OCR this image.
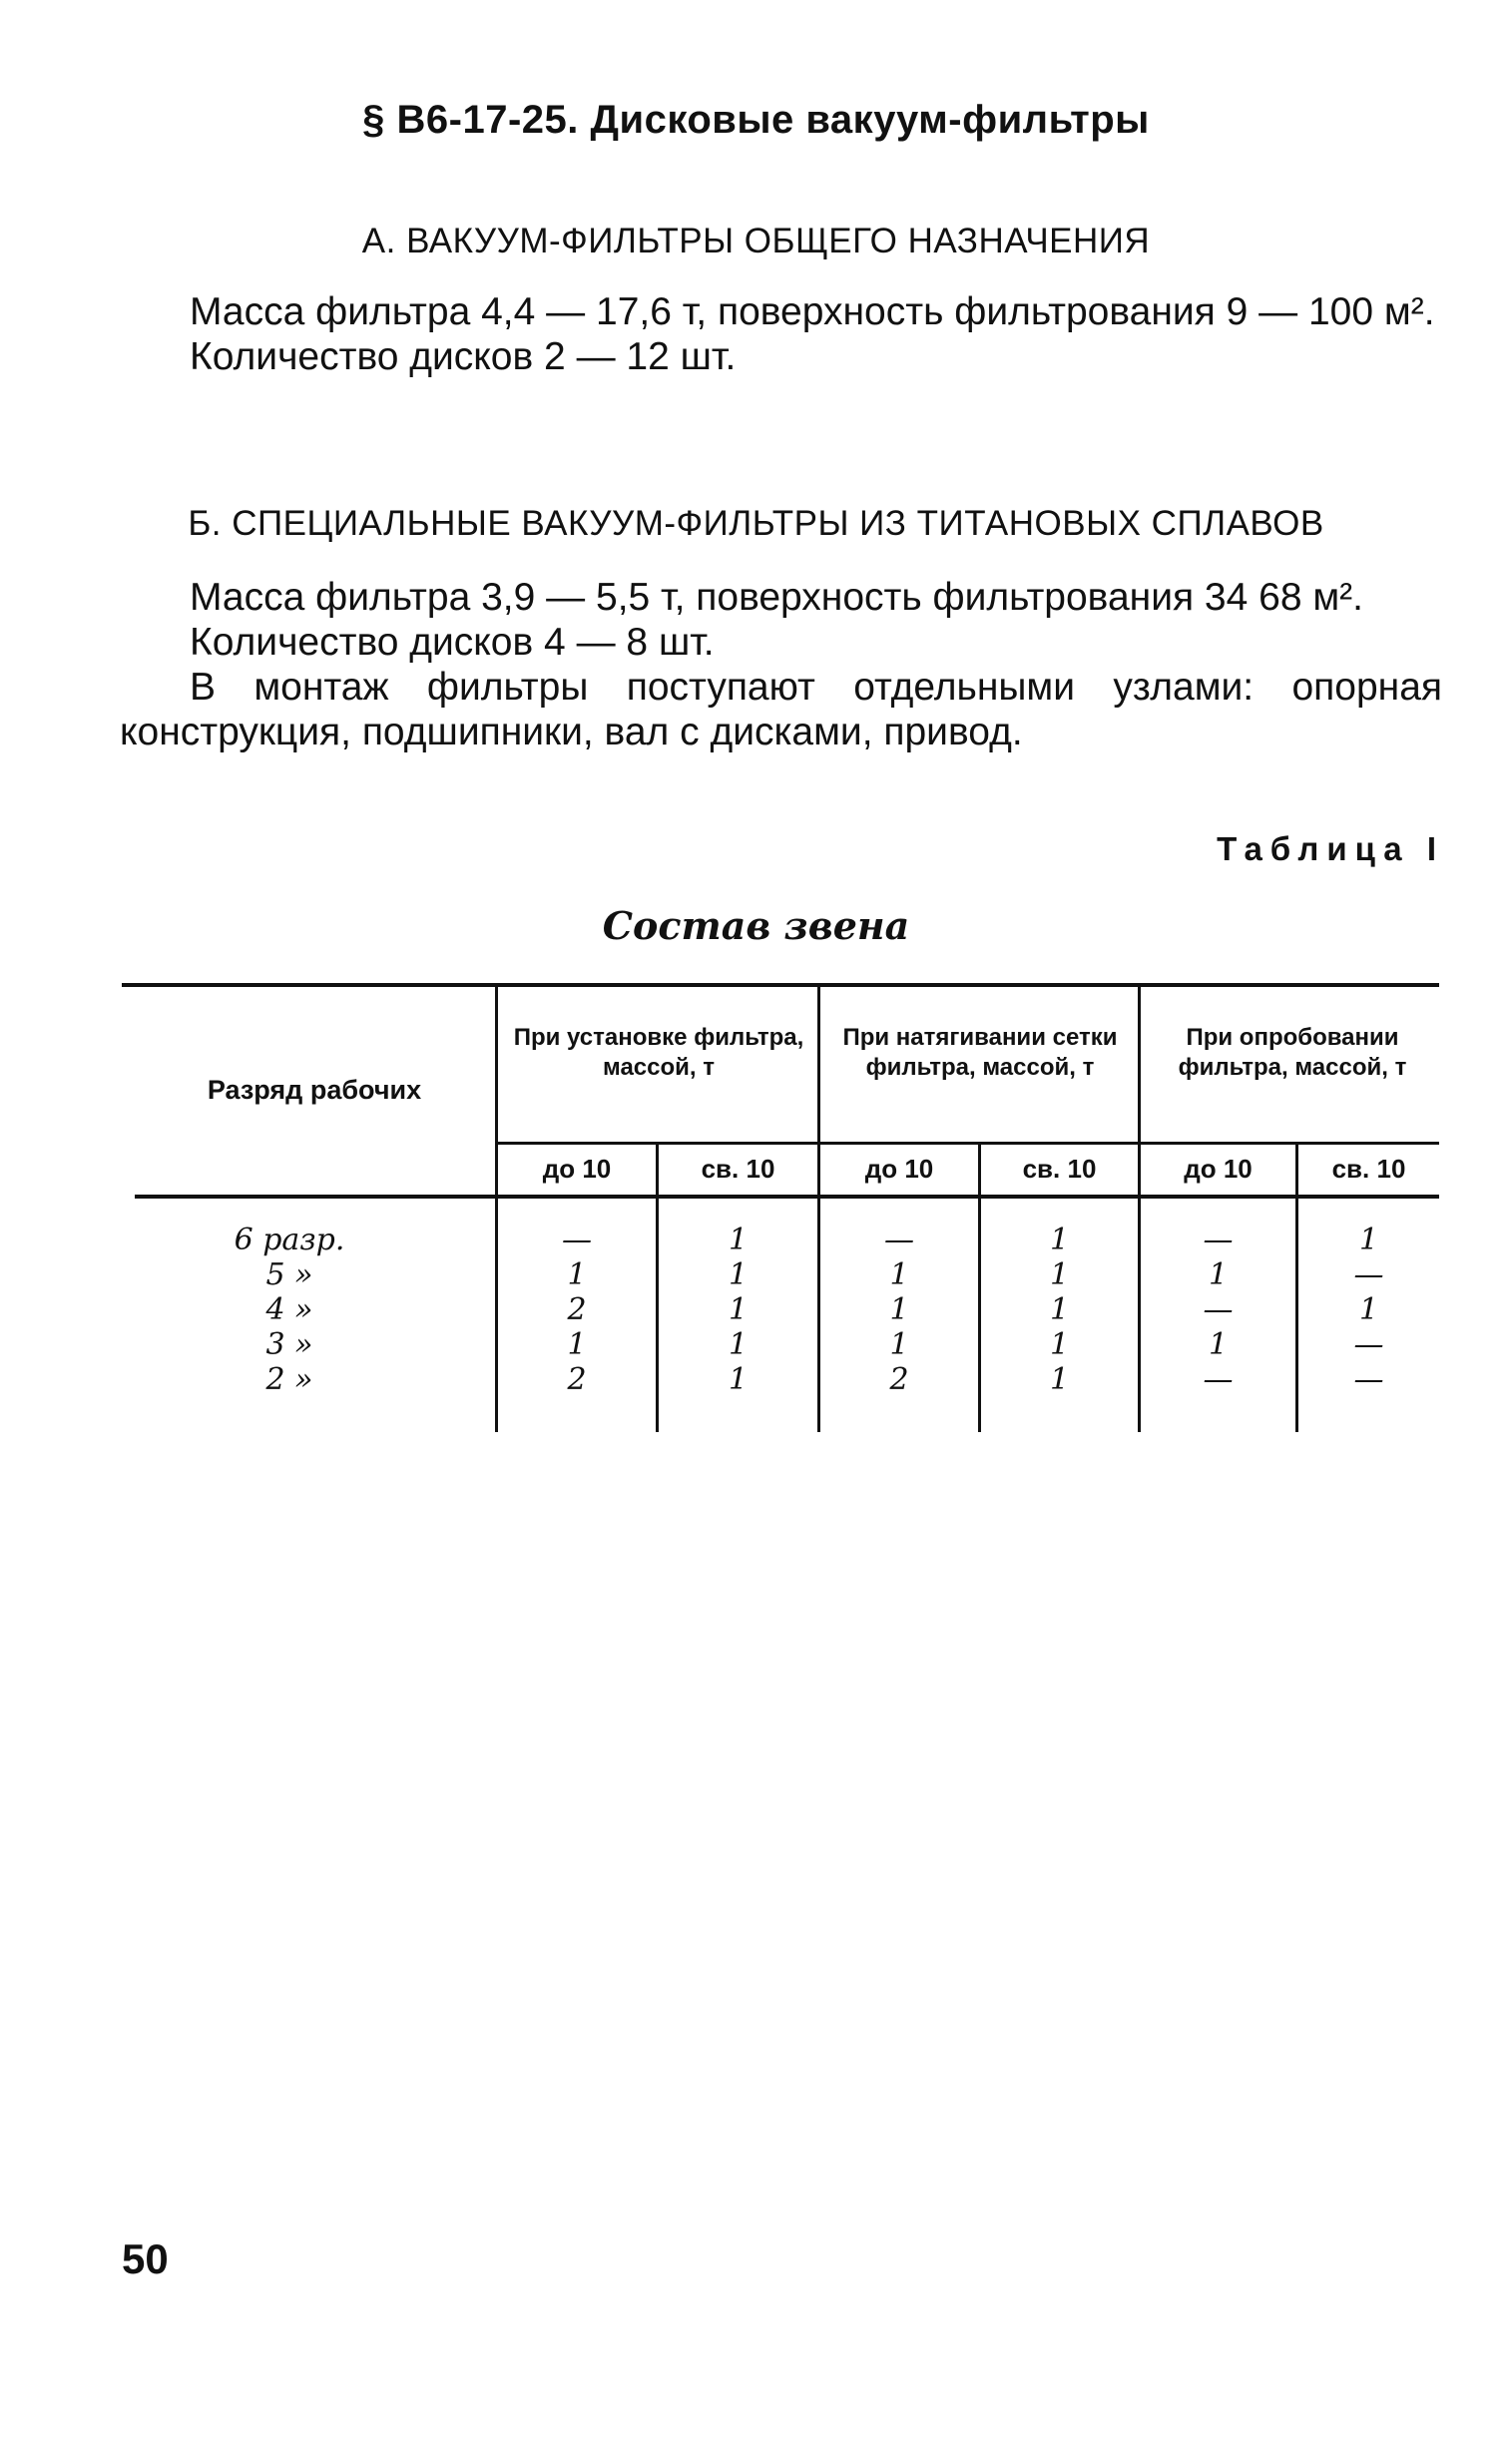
§ В6-17-25. Дисковые вакуум-фильтры
А. ВАКУУМ-ФИЛЬТРЫ ОБЩЕГО НАЗНАЧЕНИЯ
Масса фильтра 4,4 — 17,6 т, поверхность фильтрования 9 — 100 м².
Количество дисков 2 — 12 шт.
Б. СПЕЦИАЛЬНЫЕ ВАКУУМ-ФИЛЬТРЫ ИЗ ТИТАНОВЫХ СПЛАВОВ
Масса фильтра 3,9 — 5,5 т, поверхность фильтрования 34 68 м².
Количество дисков 4 — 8 шт.
В монтаж фильтры поступают отдельными узлами: опорная конструкция, подшипники, вал с дисками, привод.
Таблица I
Состав звена
Разряд рабочих
При установке фильтра, массой, т
При натягивании сетки фильтра, массой, т
При опробовании фильтра, массой, т
до 10	св. 10	до 10	св. 10	до 10	св. 10
6 разр.	—	1	—	1	—	1
5 »	1	1	1	1	1	—
4 »	2	1	1	1	—	1
3 »	1	1	1	1	1	—
2 »	2	1	2	1	—	—
50
